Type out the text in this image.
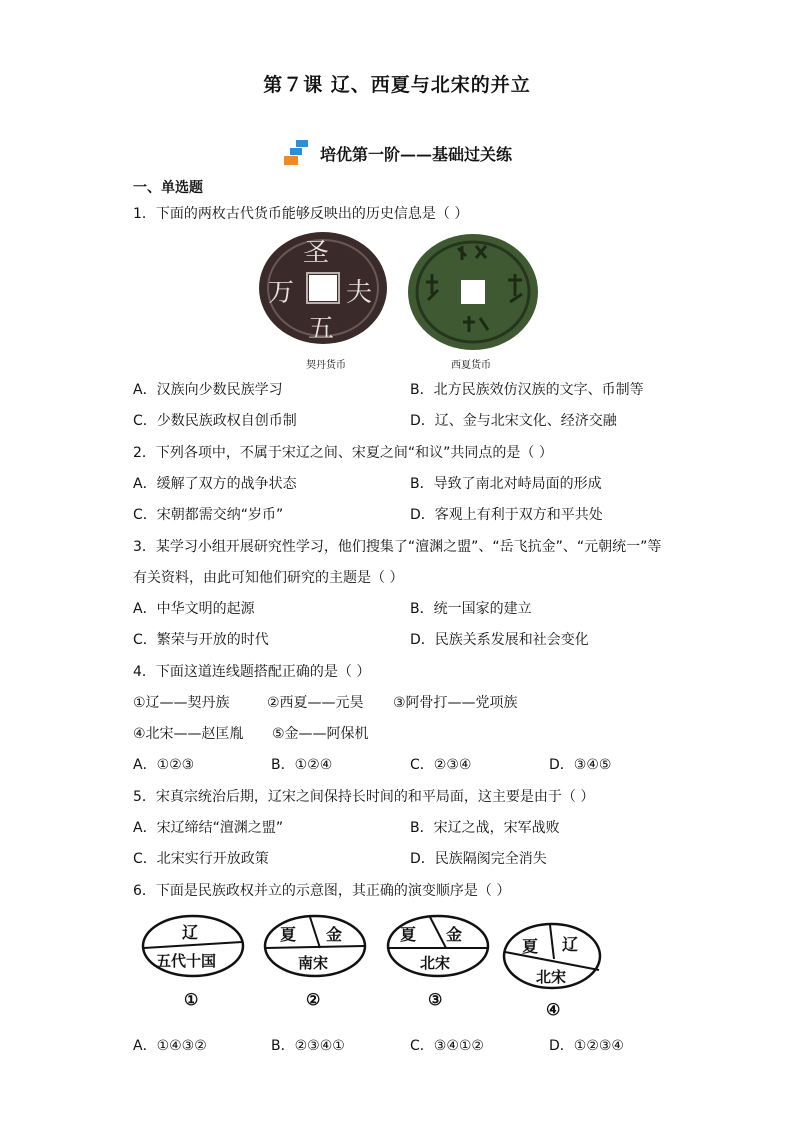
第７课 辽、西夏与北宋的并立
培优第一阶——基础过关练
一、单选题
1．下面的两枚古代货币能够反映出的历史信息是（ ）
圣
万 夫
五
契丹货币	西夏货币
A．汉族向少数民族学习	B．北方民族效仿汉族的文字、币制等
C．少数民族政权自创币制	D．辽、金与北宋文化、经济交融
2．下列各项中，不属于宋辽之间、宋夏之间“和议”共同点的是（ ）
A．缓解了双方的战争状态	B．导致了南北对峙局面的形成
C．宋朝都需交纳“岁币”	D．客观上有利于双方和平共处
3．某学习小组开展研究性学习，他们搜集了“澶渊之盟”、“岳飞抗金”、“元朝统一”等
有关资料，由此可知他们研究的主题是（ ）
A．中华文明的起源	B．统一国家的建立
C．繁荣与开放的时代	D．民族关系发展和社会变化
4．下面这道连线题搭配正确的是（ ）
①辽——契丹族	②西夏——元昊 ③阿骨打——党项族
④北宋——赵匡胤 ⑤金——阿保机
A．①②③	B．①②④	C．②③④	D．③④⑤
5．宋真宗统治后期，辽宋之间保持长时间的和平局面，这主要是由于（ ）
A．宋辽缔结“澶渊之盟”	B．宋辽之战，宋军战败
C．北宋实行开放政策	D．民族隔阂完全消失
6．下面是民族政权并立的示意图，其正确的演变顺序是（ ）
辽
五代十国
①
夏 金
南宋
②
夏 金
北宋
③
夏 辽
北宋
④
A．①④③②	B．②③④①	C．③④①②	D．①②③④
